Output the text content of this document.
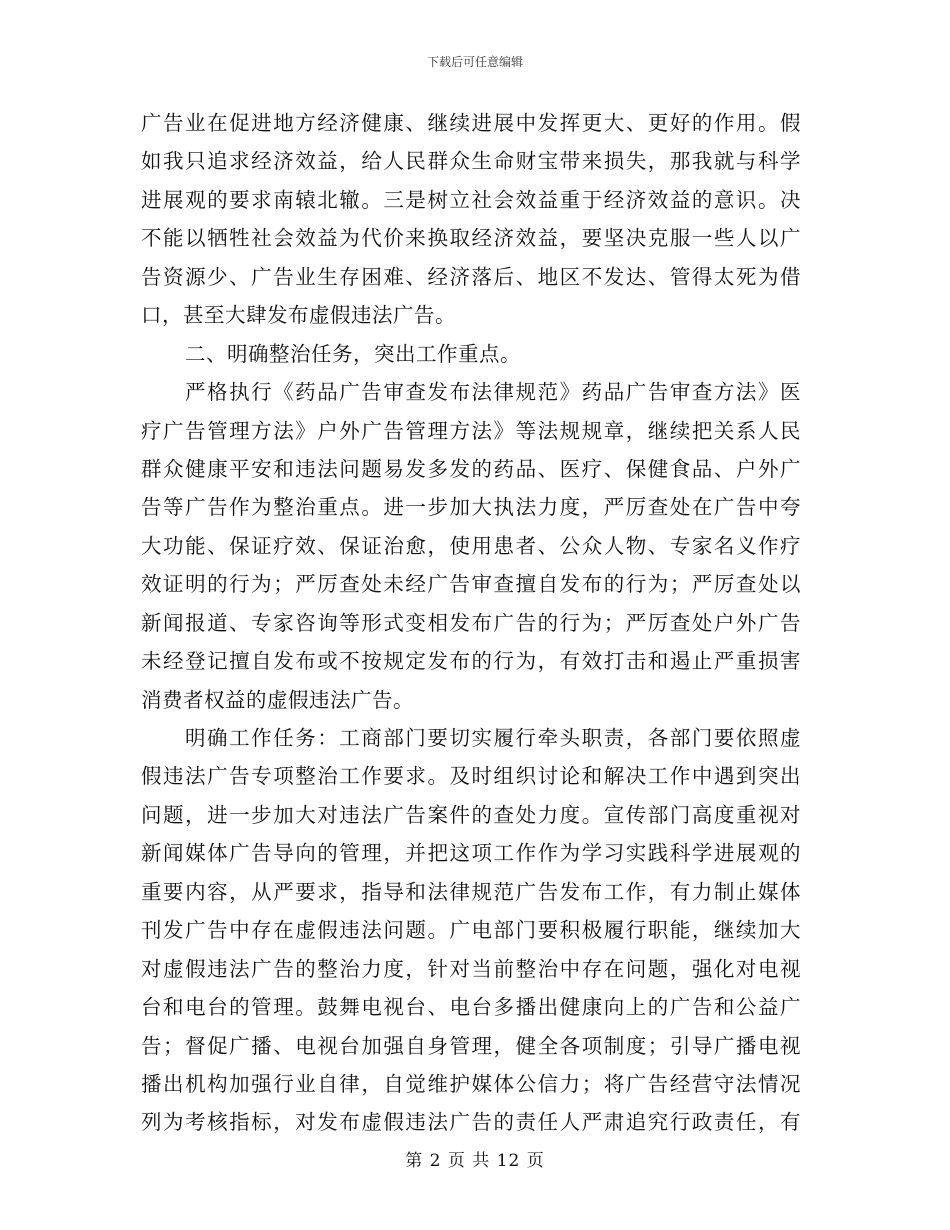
下载后可任意编辑
广告业在促进地方经济健康、继续进展中发挥更大、更好的作用。假
如我只追求经济效益，给人民群众生命财宝带来损失，那我就与科学
进展观的要求南辕北辙。三是树立社会效益重于经济效益的意识。决
不能以牺牲社会效益为代价来换取经济效益，要坚决克服一些人以广
告资源少、广告业生存困难、经济落后、地区不发达、管得太死为借
口，甚至大肆发布虚假违法广告。
二、明确整治任务，突出工作重点。
严格执行《药品广告审查发布法律规范》药品广告审查方法》医
疗广告管理方法》户外广告管理方法》等法规规章，继续把关系人民
群众健康平安和违法问题易发多发的药品、医疗、保健食品、户外广
告等广告作为整治重点。进一步加大执法力度，严厉查处在广告中夸
大功能、保证疗效、保证治愈，使用患者、公众人物、专家名义作疗
效证明的行为；严厉查处未经广告审查擅自发布的行为；严厉查处以
新闻报道、专家咨询等形式变相发布广告的行为；严厉查处户外广告
未经登记擅自发布或不按规定发布的行为，有效打击和遏止严重损害
消费者权益的虚假违法广告。
明确工作任务：工商部门要切实履行牵头职责，各部门要依照虚
假违法广告专项整治工作要求。及时组织讨论和解决工作中遇到突出
问题，进一步加大对违法广告案件的查处力度。宣传部门高度重视对
新闻媒体广告导向的管理，并把这项工作作为学习实践科学进展观的
重要内容，从严要求，指导和法律规范广告发布工作，有力制止媒体
刊发广告中存在虚假违法问题。广电部门要积极履行职能，继续加大
对虚假违法广告的整治力度，针对当前整治中存在问题，强化对电视
台和电台的管理。鼓舞电视台、电台多播出健康向上的广告和公益广
告；督促广播、电视台加强自身管理，健全各项制度；引导广播电视
播出机构加强行业自律，自觉维护媒体公信力；将广告经营守法情况
列为考核指标，对发布虚假违法广告的责任人严肃追究行政责任，有
第 2 页 共 12 页
